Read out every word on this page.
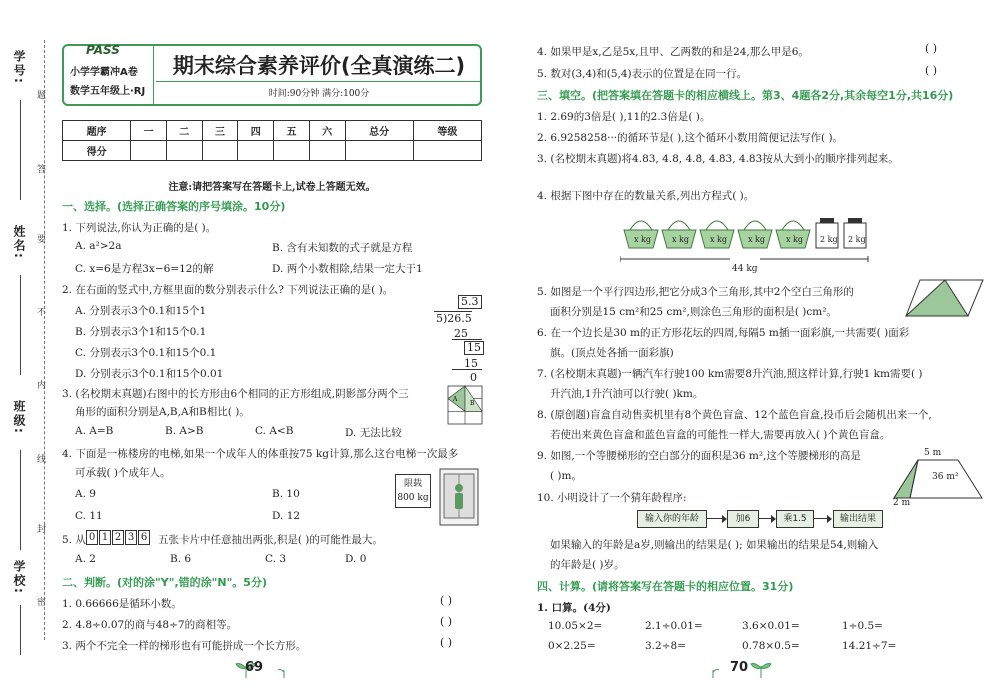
学号:
姓名:
班级:
学校:
题
答
要
不
内
线
封
密
PASS
小学学霸冲A卷
数学五年级上·RJ
期末综合素养评价(全真演练二)
时间:90分钟 满分:100分
题序	一	二	三	四	五	六	总分	等级
得分								
注意:请把答案写在答题卡上,试卷上答题无效。
一、选择。(选择正确答案的序号填涂。10分)
1. 下列说法,你认为正确的是( )。
A. a²>2a	B. 含有未知数的式子就是方程
C. x=6是方程3x−6=12的解	D. 两个小数相除,结果一定大于1
2. 在右面的竖式中,方框里面的数分别表示什么? 下列说法正确的是( )。
A. 分别表示3个0.1和15个1
B. 分别表示3个1和15个0.1
C. 分别表示3个0.1和15个0.1
D. 分别表示3个0.1和15个0.01
5.3
5)26.5
25
15
15
0
3. (名校期末真题)右图中的长方形由6个相同的正方形组成,阴影部分两个三
角形的面积分别是A,B,A和B相比( )。
A
B
A. A=B	B. A>B	C. A<B	D. 无法比较
4. 下面是一栋楼房的电梯,如果一个成年人的体重按75 kg计算,那么这台电梯一次最多
可承载( )个成年人。
A. 9	B. 10
C. 11	D. 12
限载
800 kg
5. 从 0 1 2 3 6 五张卡片中任意抽出两张,积是( )的可能性最大。
A. 2	B. 6	C. 3	D. 0
二、判断。(对的涂"Y",错的涂"N"。5分)
1. 0.66666是循环小数。	( )
2. 4.8÷0.07的商与48÷7的商相等。	( )
3. 两个不完全一样的梯形也有可能拼成一个长方形。	( )
69
4. 如果甲是x,乙是5x,且甲、乙两数的和是24,那么甲是6。	( )
5. 数对(3,4)和(5,4)表示的位置是在同一行。	( )
三、填空。(把答案填在答题卡的相应横线上。第3、4题各2分,其余每空1分,共16分)
1. 2.69的3倍是( ),11的2.3倍是( )。
2. 6.9258258···的循环节是( ),这个循环小数用简便记法写作( )。
3. (名校期末真题)将4.83, 4.8, 4.8̇, 4.8̇3̇, 4.83̇按从大到小的顺序排列起来。
4. 根据下图中存在的数量关系,列出方程式( )。
44 kg
x kg	x kg	x kg	x kg	x kg 2 kg 2 kg
5. 如图是一个平行四边形,把它分成3个三角形,其中2个空白三角形的
面积分别是15 cm²和25 cm²,则涂色三角形的面积是( )cm²。
6. 在一个边长是30 m的正方形花坛的四周,每隔5 m插一面彩旗,一共需要( )面彩
旗。(顶点处各插一面彩旗)
7. (名校期末真题)一辆汽车行驶100 km需要8升汽油,照这样计算,行驶1 km需要( )
升汽油,1升汽油可以行驶( )km。
8. (原创题)盲盒自动售卖机里有8个黄色盲盒、12个蓝色盲盒,投币后会随机出来一个,
若使出来黄色盲盒和蓝色盲盒的可能性一样大,需要再放入( )个黄色盲盒。
9. 如图,一个等腰梯形的空白部分的面积是36 m²,这个等腰梯形的高是
( )m。
5 m
36 m²
2 m
10. 小明设计了一个猜年龄程序:
输入你的年龄	加6	乘1.5	输出结果
如果输入的年龄是a岁,则输出的结果是( ); 如果输出的结果是54,则输入
的年龄是( )岁。
四、计算。(请将答案写在答题卡的相应位置。31分)
1. 口算。(4分)
10.05×2=	2.1÷0.01=	3.6×0.01=	1÷0.5=
0×2.25=	3.2÷8=	0.78×0.5=	14.21÷7=
70
